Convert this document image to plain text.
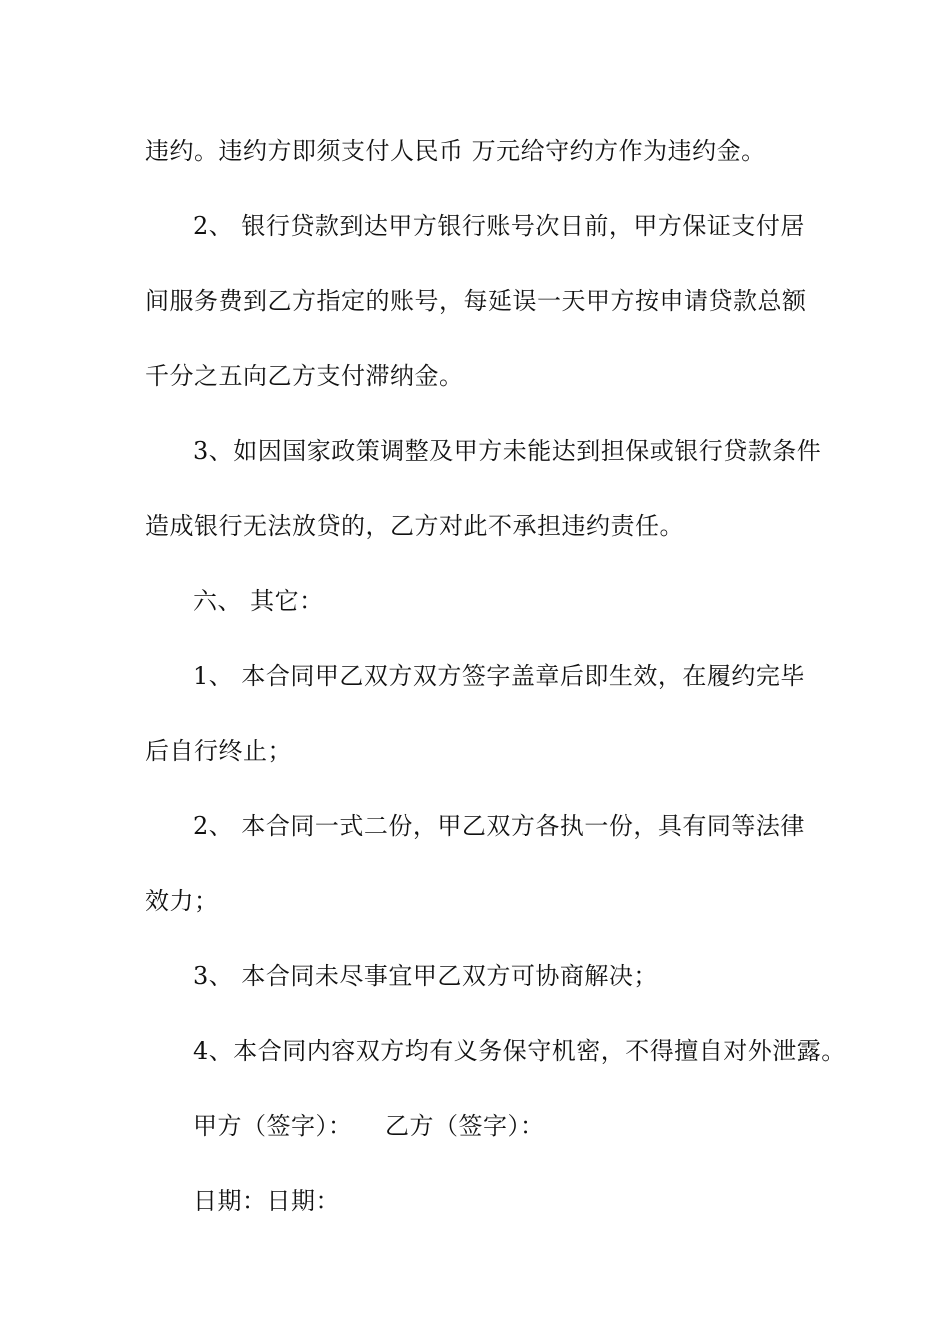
违约。违约方即须支付人民币 万元给守约方作为违约金。
2、 银行贷款到达甲方银行账号次日前，甲方保证支付居
间服务费到乙方指定的账号，每延误一天甲方按申请贷款总额
千分之五向乙方支付滞纳金。
3、如因国家政策调整及甲方未能达到担保或银行贷款条件
造成银行无法放贷的，乙方对此不承担违约责任。
六、 其它：
1、 本合同甲乙双方双方签字盖章后即生效，在履约完毕
后自行终止；
2、 本合同一式二份，甲乙双方各执一份，具有同等法律
效力；
3、 本合同未尽事宜甲乙双方可协商解决；
4、本合同内容双方均有义务保守机密，不得擅自对外泄露。
甲方（签字）：    乙方（签字）：
日期：日期：
